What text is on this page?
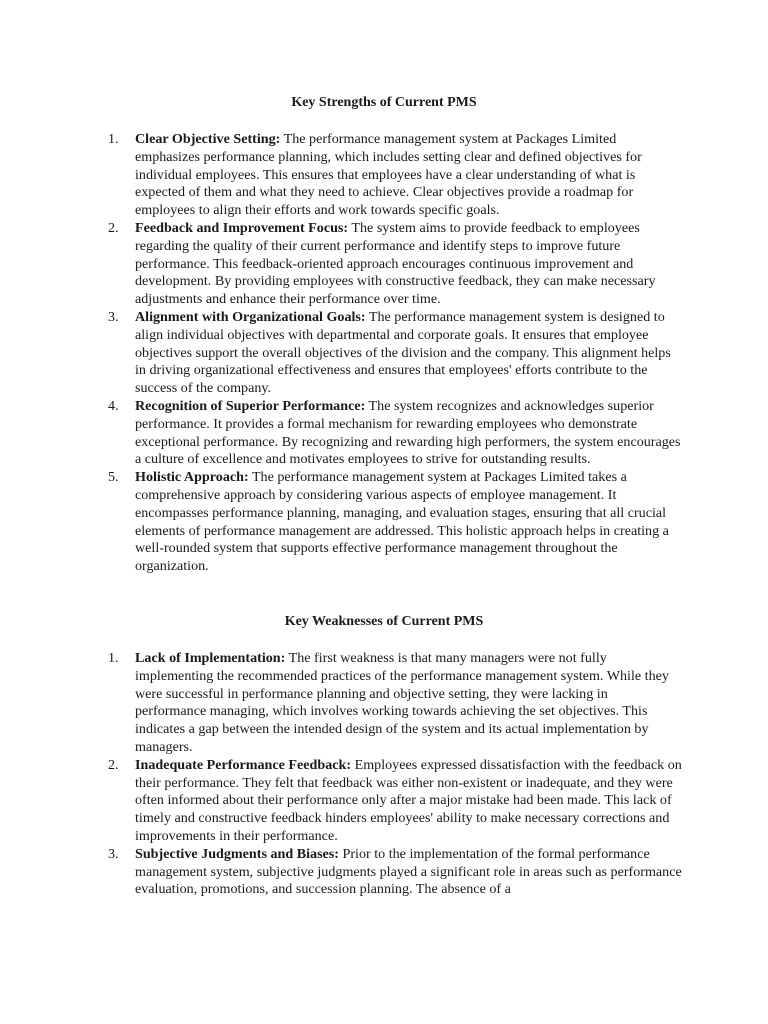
Key Strengths of Current PMS
1.	Clear Objective Setting: The performance management system at Packages Limited emphasizes performance planning, which includes setting clear and defined objectives for individual employees. This ensures that employees have a clear understanding of what is expected of them and what they need to achieve. Clear objectives provide a roadmap for employees to align their efforts and work towards specific goals.
2.	Feedback and Improvement Focus: The system aims to provide feedback to employees regarding the quality of their current performance and identify steps to improve future performance. This feedback-oriented approach encourages continuous improvement and development. By providing employees with constructive feedback, they can make necessary adjustments and enhance their performance over time.
3.	Alignment with Organizational Goals: The performance management system is designed to align individual objectives with departmental and corporate goals. It ensures that employee objectives support the overall objectives of the division and the company. This alignment helps in driving organizational effectiveness and ensures that employees' efforts contribute to the success of the company.
4.	Recognition of Superior Performance: The system recognizes and acknowledges superior performance. It provides a formal mechanism for rewarding employees who demonstrate exceptional performance. By recognizing and rewarding high performers, the system encourages a culture of excellence and motivates employees to strive for outstanding results.
5.	Holistic Approach: The performance management system at Packages Limited takes a comprehensive approach by considering various aspects of employee management. It encompasses performance planning, managing, and evaluation stages, ensuring that all crucial elements of performance management are addressed. This holistic approach helps in creating a well-rounded system that supports effective performance management throughout the organization.
Key Weaknesses of Current PMS
1.	Lack of Implementation: The first weakness is that many managers were not fully implementing the recommended practices of the performance management system. While they were successful in performance planning and objective setting, they were lacking in performance managing, which involves working towards achieving the set objectives. This indicates a gap between the intended design of the system and its actual implementation by managers.
2.	Inadequate Performance Feedback: Employees expressed dissatisfaction with the feedback on their performance. They felt that feedback was either non-existent or inadequate, and they were often informed about their performance only after a major mistake had been made. This lack of timely and constructive feedback hinders employees' ability to make necessary corrections and improvements in their performance.
3.	Subjective Judgments and Biases: Prior to the implementation of the formal performance management system, subjective judgments played a significant role in areas such as performance evaluation, promotions, and succession planning. The absence of a
